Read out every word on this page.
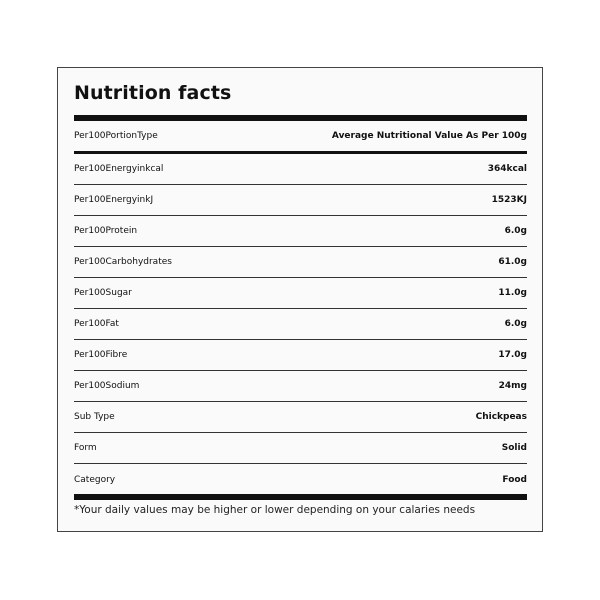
Nutrition facts
Per100PortionType	Average Nutritional Value As Per 100g
Per100Energyinkcal	364kcal
Per100EnergyinkJ	1523KJ
Per100Protein	6.0g
Per100Carbohydrates	61.0g
Per100Sugar	11.0g
Per100Fat	6.0g
Per100Fibre	17.0g
Per100Sodium	24mg
Sub Type	Chickpeas
Form	Solid
Category	Food
*Your daily values may be higher or lower depending on your calaries needs
